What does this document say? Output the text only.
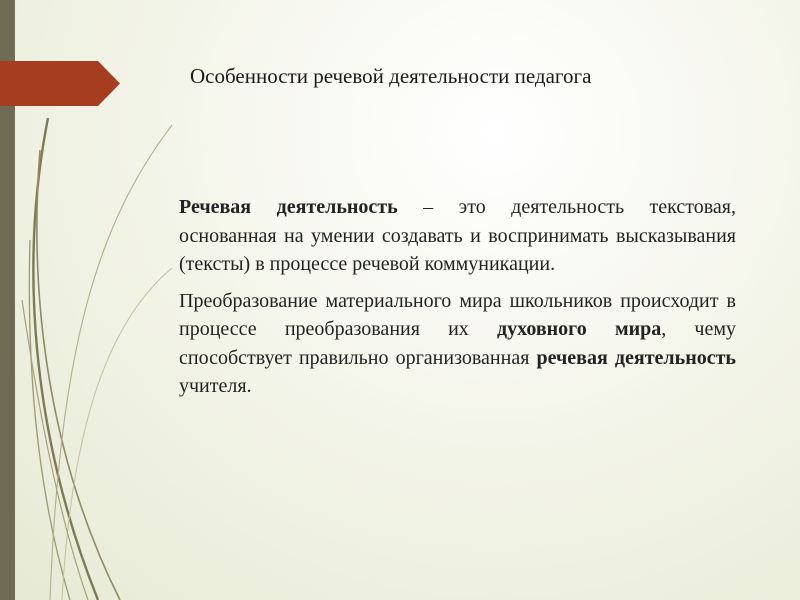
Особенности речевой деятельности педагога

Речевая деятельность – это деятельность текстовая, основанная на умении создавать и воспринимать высказывания (тексты) в процессе речевой коммуникации.

Преобразование материального мира школьников происходит в процессе преобразования их духовного мира, чему способствует правильно организованная речевая деятельность учителя.
